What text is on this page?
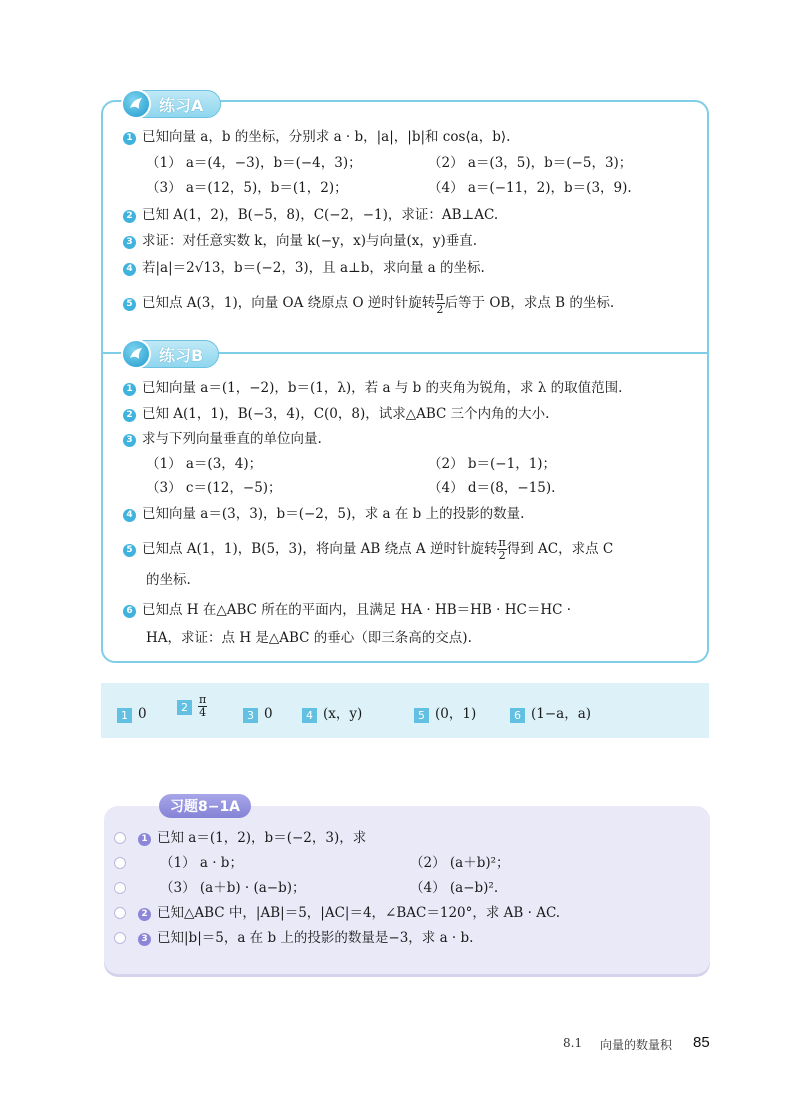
练习A
1 已知向量 a，b 的坐标，分别求 a · b，|a|，|b|和 cos⟨a，b⟩.
（1） a＝(4，−3)，b＝(−4，3)；	（2） a＝(3，5)，b＝(−5，3)；
（3） a＝(12，5)，b＝(1，2)；	（4） a＝(−11，2)，b＝(3，9).
2 已知 A(1，2)，B(−5，8)，C(−2，−1)，求证：AB⊥AC.
3 求证：对任意实数 k，向量 k(−y，x)与向量(x，y)垂直.
4 若|a|＝2√13，b＝(−2，3)，且 a⊥b，求向量 a 的坐标.
5 已知点 A(3，1)，向量 OA 绕原点 O 逆时针旋转 $\frac{\pi}{2}$ 后等于 OB，求点 B 的坐标.
练习B
1 已知向量 a＝(1，−2)，b＝(1，λ)，若 a 与 b 的夹角为锐角，求 λ 的取值范围.
2 已知 A(1，1)，B(−3，4)，C(0，8)，试求△ABC 三个内角的大小.
3 求与下列向量垂直的单位向量.
（1） a＝(3，4)；	（2） b＝(−1，1)；
（3） c＝(12，−5)；	（4） d＝(8，−15).
4 已知向量 a＝(3，3)，b＝(−2，5)，求 a 在 b 上的投影的数量.
5 已知点 A(1，1)，B(5，3)，将向量 AB 绕点 A 逆时针旋转 $\frac{\pi}{2}$ 得到 AC，求点 C
的坐标.
6 已知点 H 在△ABC 所在的平面内，且满足 HA · HB＝HB · HC＝HC ·
HA，求证：点 H 是△ABC 的垂心（即三条高的交点).
1 0	$2 \frac{\pi}{4}$	3 0	4 (x，y)	5 (0，1)	6 (1−a，a)
习题8−1A
1 已知 a＝(1，2)，b＝(−2，3)，求
（1） a · b；	（2） (a＋b)²；
（3） (a＋b) · (a−b)；	（4） (a−b)².
2 已知△ABC 中，|AB|＝5，|AC|＝4，∠BAC＝120°，求 AB · AC.
3 已知|b|＝5，a 在 b 上的投影的数量是−3，求 a · b.
8.1 向量的数量积 85
